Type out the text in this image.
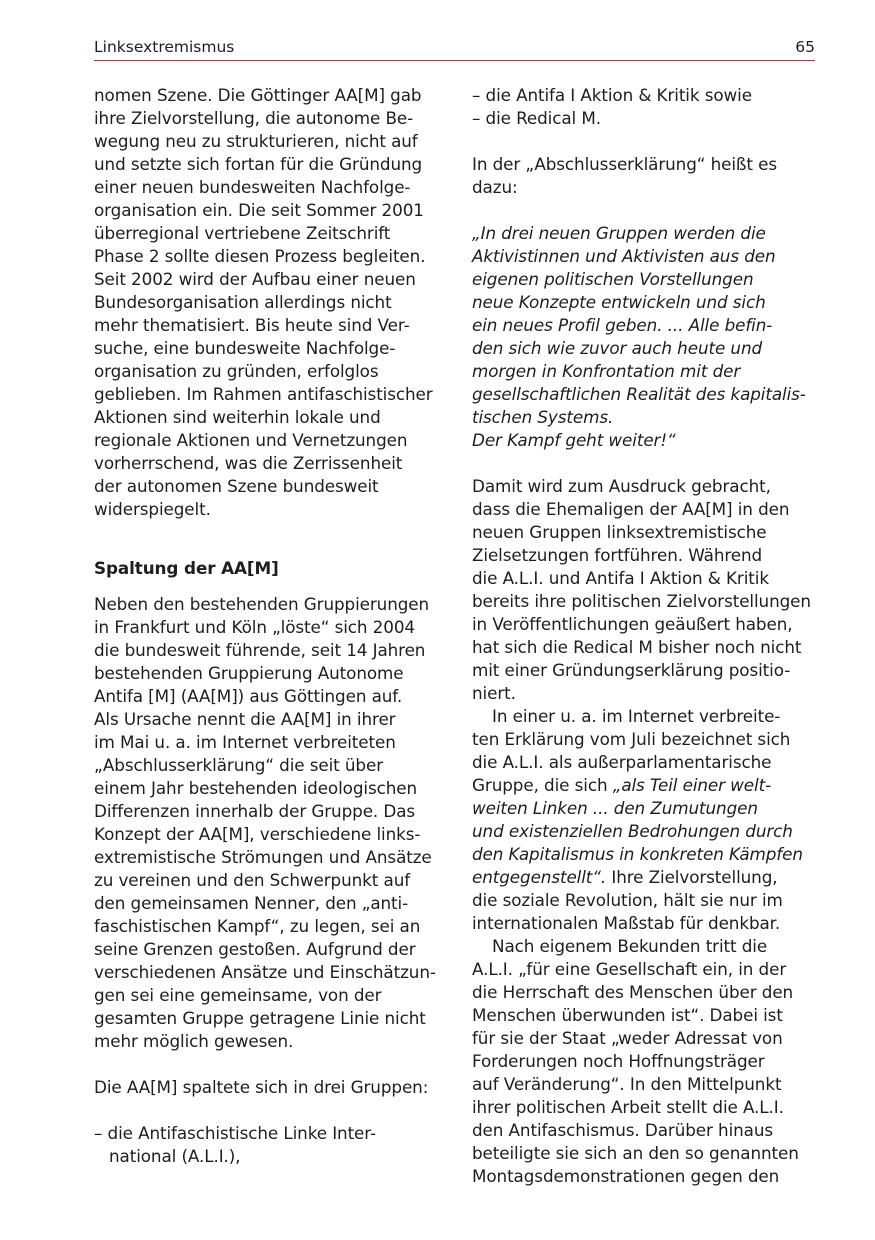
Linksextremismus	65

nomen Szene. Die Göttinger AA[M] gab
ihre Zielvorstellung, die autonome Be-
wegung neu zu strukturieren, nicht auf
und setzte sich fortan für die Gründung
einer neuen bundesweiten Nachfolge-
organisation ein. Die seit Sommer 2001
überregional vertriebene Zeitschrift
Phase 2 sollte diesen Prozess begleiten.
Seit 2002 wird der Aufbau einer neuen
Bundesorganisation allerdings nicht
mehr thematisiert. Bis heute sind Ver-
suche, eine bundesweite Nachfolge-
organisation zu gründen, erfolglos
geblieben. Im Rahmen antifaschistischer
Aktionen sind weiterhin lokale und
regionale Aktionen und Vernetzungen
vorherrschend, was die Zerrissenheit
der autonomen Szene bundesweit
widerspiegelt.

Spaltung der AA[M]

Neben den bestehenden Gruppierungen
in Frankfurt und Köln „löste“ sich 2004
die bundesweit führende, seit 14 Jahren
bestehenden Gruppierung Autonome
Antifa [M] (AA[M]) aus Göttingen auf.
Als Ursache nennt die AA[M] in ihrer
im Mai u. a. im Internet verbreiteten
„Abschlusserklärung“ die seit über
einem Jahr bestehenden ideologischen
Differenzen innerhalb der Gruppe. Das
Konzept der AA[M], verschiedene links-
extremistische Strömungen und Ansätze
zu vereinen und den Schwerpunkt auf
den gemeinsamen Nenner, den „anti-
faschistischen Kampf“, zu legen, sei an
seine Grenzen gestoßen. Aufgrund der
verschiedenen Ansätze und Einschätzun-
gen sei eine gemeinsame, von der
gesamten Gruppe getragene Linie nicht
mehr möglich gewesen.

Die AA[M] spaltete sich in drei Gruppen:

– die Antifaschistische Linke Inter-
national (A.L.I.),

– die Antifa I Aktion & Kritik sowie

– die Redical M.

In der „Abschlusserklärung“ heißt es
dazu:

„In drei neuen Gruppen werden die
Aktivistinnen und Aktivisten aus den
eigenen politischen Vorstellungen
neue Konzepte entwickeln und sich
ein neues Profil geben. ... Alle befin-
den sich wie zuvor auch heute und
morgen in Konfrontation mit der
gesellschaftlichen Realität des kapitalis-
tischen Systems.
Der Kampf geht weiter!“

Damit wird zum Ausdruck gebracht,
dass die Ehemaligen der AA[M] in den
neuen Gruppen linksextremistische
Zielsetzungen fortführen. Während
die A.L.I. und Antifa I Aktion & Kritik
bereits ihre politischen Zielvorstellungen
in Veröffentlichungen geäußert haben,
hat sich die Redical M bisher noch nicht
mit einer Gründungserklärung positio-
niert.

In einer u. a. im Internet verbreite-
ten Erklärung vom Juli bezeichnet sich
die A.L.I. als außerparlamentarische
Gruppe, die sich „als Teil einer welt-
weiten Linken ... den Zumutungen
und existenziellen Bedrohungen durch
den Kapitalismus in konkreten Kämpfen
entgegenstellt“. Ihre Zielvorstellung,
die soziale Revolution, hält sie nur im
internationalen Maßstab für denkbar.

Nach eigenem Bekunden tritt die
A.L.I. „für eine Gesellschaft ein, in der
die Herrschaft des Menschen über den
Menschen überwunden ist“. Dabei ist
für sie der Staat „weder Adressat von
Forderungen noch Hoffnungsträger
auf Veränderung“. In den Mittelpunkt
ihrer politischen Arbeit stellt die A.L.I.
den Antifaschismus. Darüber hinaus
beteiligte sie sich an den so genannten
Montagsdemonstrationen gegen den
